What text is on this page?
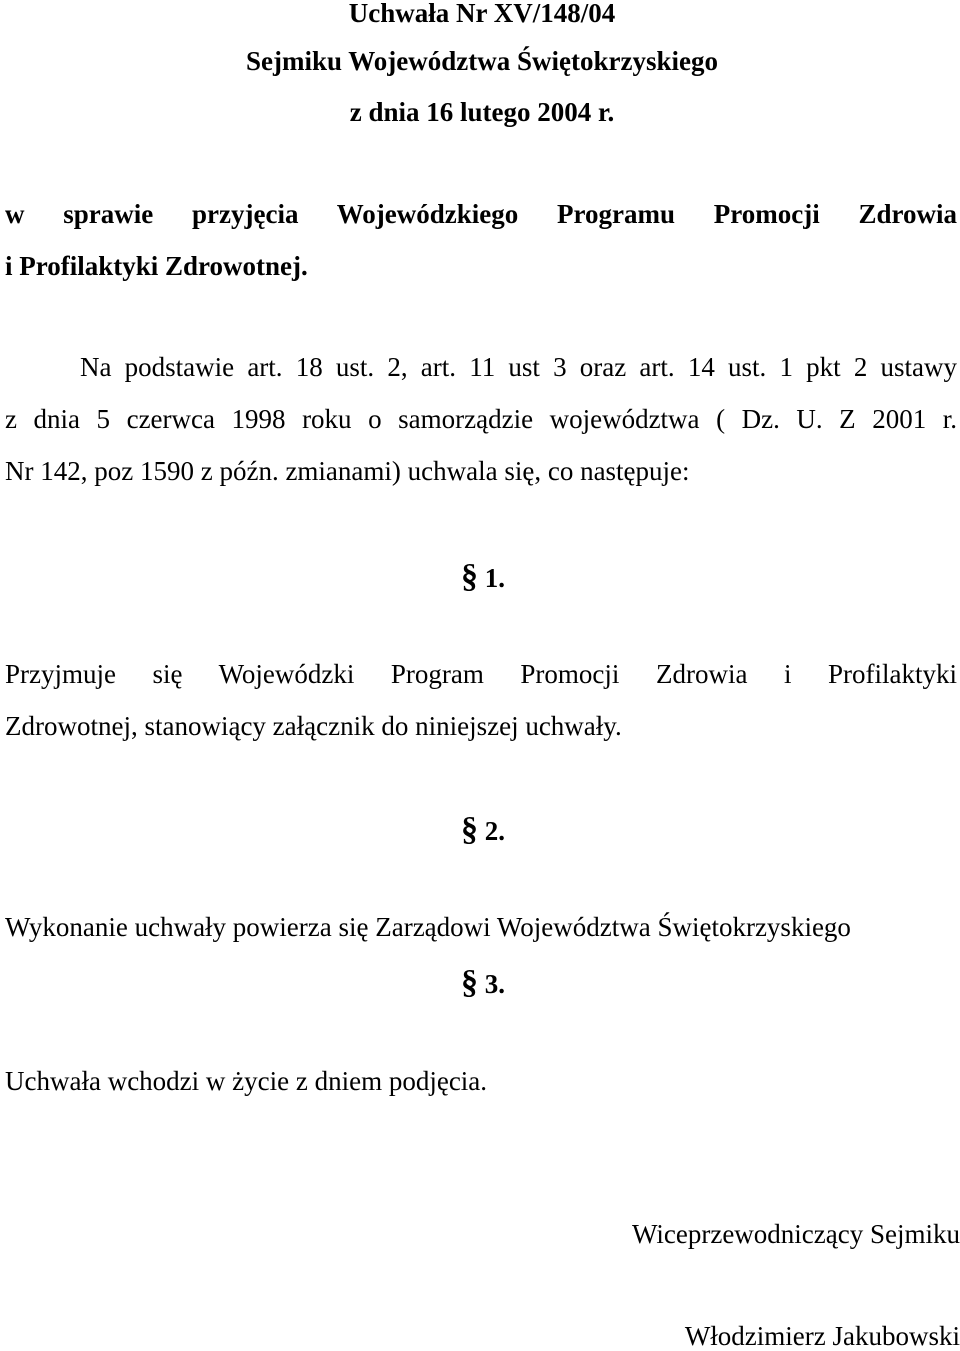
Uchwała Nr XV/148/04
Sejmiku Województwa Świętokrzyskiego
z dnia 16 lutego 2004 r.
w sprawie przyjęcia Wojewódzkiego Programu Promocji Zdrowia
i Profilaktyki Zdrowotnej.
Na podstawie art. 18 ust. 2, art. 11 ust 3 oraz art. 14 ust. 1 pkt 2 ustawy
z dnia 5 czerwca 1998 roku o samorządzie województwa ( Dz. U. Z 2001 r.
Nr 142, poz 1590 z późn. zmianami) uchwala się, co następuje:
§ 1.
Przyjmuje się Wojewódzki Program Promocji Zdrowia i Profilaktyki
Zdrowotnej, stanowiący załącznik do niniejszej uchwały.
§ 2.
Wykonanie uchwały powierza się Zarządowi Województwa Świętokrzyskiego
§ 3.
Uchwała wchodzi w życie z dniem podjęcia.
Wiceprzewodniczący Sejmiku
Włodzimierz Jakubowski
